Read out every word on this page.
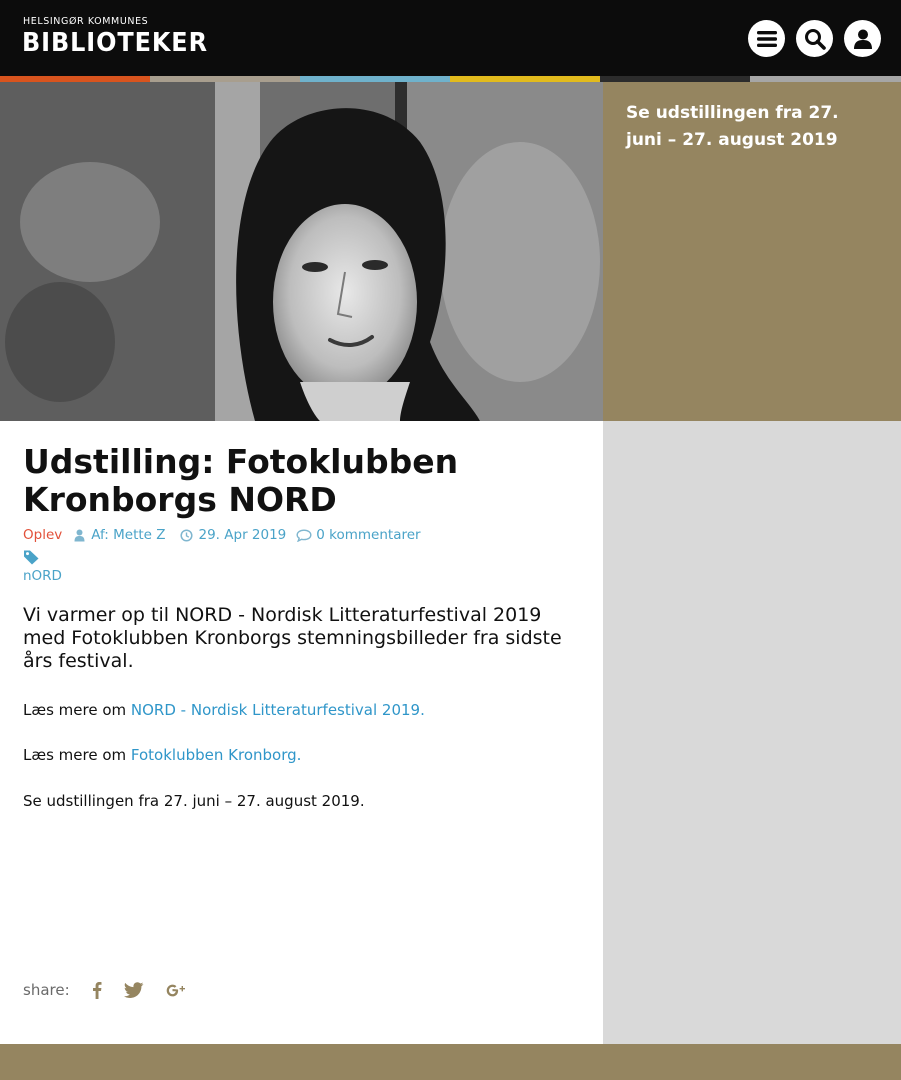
HELSINGØR KOMMUNES
BIBLIOTEKER
Se udstillingen fra 27. juni – 27. august 2019
Udstilling: Fotoklubben Kronborgs NORD
Oplev Af: Mette Z 29. Apr 2019 0 kommentarer
nORD

Vi varmer op til NORD - Nordisk Litteraturfestival 2019 med Fotoklubben Kronborgs stemningsbilleder fra sidste års festival.

Læs mere om NORD - Nordisk Litteraturfestival 2019.

Læs mere om Fotoklubben Kronborg.

Se udstillingen fra 27. juni – 27. august 2019.

share:
